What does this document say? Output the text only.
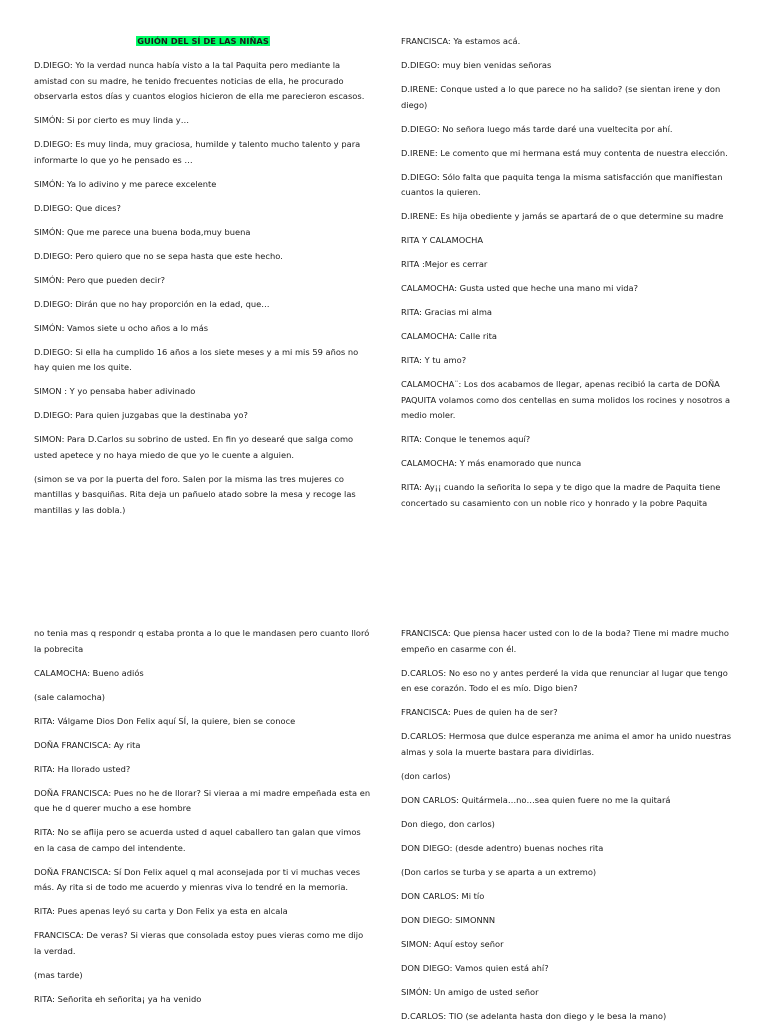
GUIÓN DEL SÍ DE LAS NIÑAS

D.DIEGO: Yo la verdad nunca había visto a la tal Paquita pero mediante la amistad con su madre, he tenido frecuentes noticias de ella, he procurado observarla estos días y cuantos elogios hicieron de ella me parecieron escasos.

SIMÓN: Si por cierto es muy linda y…

D.DIEGO: Es muy linda, muy graciosa, humilde y talento mucho talento y para informarte lo que yo he pensado es …

SIMÓN: Ya lo adivino y me parece excelente

D.DIEGO: Que dices?

SIMÓN: Que me parece una buena boda,muy buena

D.DIEGO: Pero quiero que no se sepa hasta que este hecho.

SIMÓN: Pero que pueden decir?

D.DIEGO: Dirán que no hay proporción en la edad, que…

SIMÓN: Vamos siete u ocho años a lo más

D.DIEGO: Si ella ha cumplido 16 años a los siete meses y a mi mis 59 años no hay quien me los quite.

SIMON : Y yo pensaba haber adivinado

D.DIEGO: Para quien juzgabas que la destinaba yo?

SIMON: Para D.Carlos su sobrino de usted. En fin yo desearé que salga como usted apetece y no haya miedo de que yo le cuente a alguien.

(simon se va por la puerta del foro. Salen por la misma las tres mujeres co mantillas y basquiñas. Rita deja un pañuelo atado sobre la mesa y recoge las mantillas y las dobla.)

FRANCISCA: Ya estamos acá.

D.DIEGO: muy bien venidas señoras

D.IRENE: Conque usted a lo que parece no ha salido? (se sientan irene y don diego)

D.DIEGO: No señora luego más tarde daré una vueltecita por ahí.

D.IRENE: Le comento que mi hermana está muy contenta de nuestra elección.

D.DIEGO: Sólo falta que paquita tenga la misma satisfacción que manifiestan cuantos la quieren.

D.IRENE: Es hija obediente y jamás se apartará de o que determine su madre

RITA Y CALAMOCHA

RITA :Mejor es cerrar

CALAMOCHA: Gusta usted que heche una mano mi vida?

RITA: Gracias mi alma

CALAMOCHA: Calle rita

RITA: Y tu amo?

CALAMOCHA¨: Los dos acabamos de llegar, apenas recibió la carta de DOÑA PAQUITA volamos como dos centellas en suma molidos los rocines y nosotros a medio moler.

RITA: Conque le tenemos aquí?

CALAMOCHA: Y más enamorado que nunca

RITA: Ay¡¡ cuando la señorita lo sepa y te digo que la madre de Paquita tiene concertado su casamiento con un noble rico y honrado y la pobre Paquita

no tenia mas q respondr q estaba pronta a lo que le mandasen pero cuanto lloró la pobrecita

CALAMOCHA: Bueno adiós

(sale calamocha)

RITA: Válgame Dios Don Felix aquí SÍ, la quiere, bien se conoce

DOÑA FRANCISCA: Ay rita

RITA: Ha llorado usted?

DOÑA FRANCISCA: Pues no he de llorar? Si vieraa a mi madre empeñada esta en que he d querer mucho a ese hombre

RITA: No se aflija pero se acuerda usted d aquel caballero tan galan que vimos en la casa de campo del intendente.

DOÑA FRANCISCA: Sí Don Felix aquel q mal aconsejada por ti vi muchas veces más. Ay rita si de todo me acuerdo y mienras viva lo tendré en la memoria.

RITA: Pues apenas leyó su carta y Don Felix ya esta en alcala

FRANCISCA: De veras? Si vieras que consolada estoy pues vieras como me dijo la verdad.

(mas tarde)

RITA: Señorita eh señorita¡ ya ha venido

FRANCISCA: Que piensa hacer usted con lo de la boda? Tiene mi madre mucho empeño en casarme con él.

D.CARLOS: No eso no y antes perderé la vida que renunciar al lugar que tengo en ese corazón. Todo el es mío. Digo bien?

FRANCISCA: Pues de quien ha de ser?

D.CARLOS: Hermosa que dulce esperanza me anima el amor ha unido nuestras almas y sola la muerte bastara para dividirlas.

(don carlos)

DON CARLOS: Quitármela…no…sea quien fuere no me la quitará

Don diego, don carlos)

DON DIEGO: (desde adentro) buenas noches rita

(Don carlos se turba y se aparta a un extremo)

DON CARLOS: Mi tío

DON DIEGO: SIMONNN

SIMON: Aquí estoy señor

DON DIEGO: Vamos quien está ahí?

SIMÓN: Un amigo de usted señor

D.CARLOS: TIO (se adelanta hasta don diego y le besa la mano)
